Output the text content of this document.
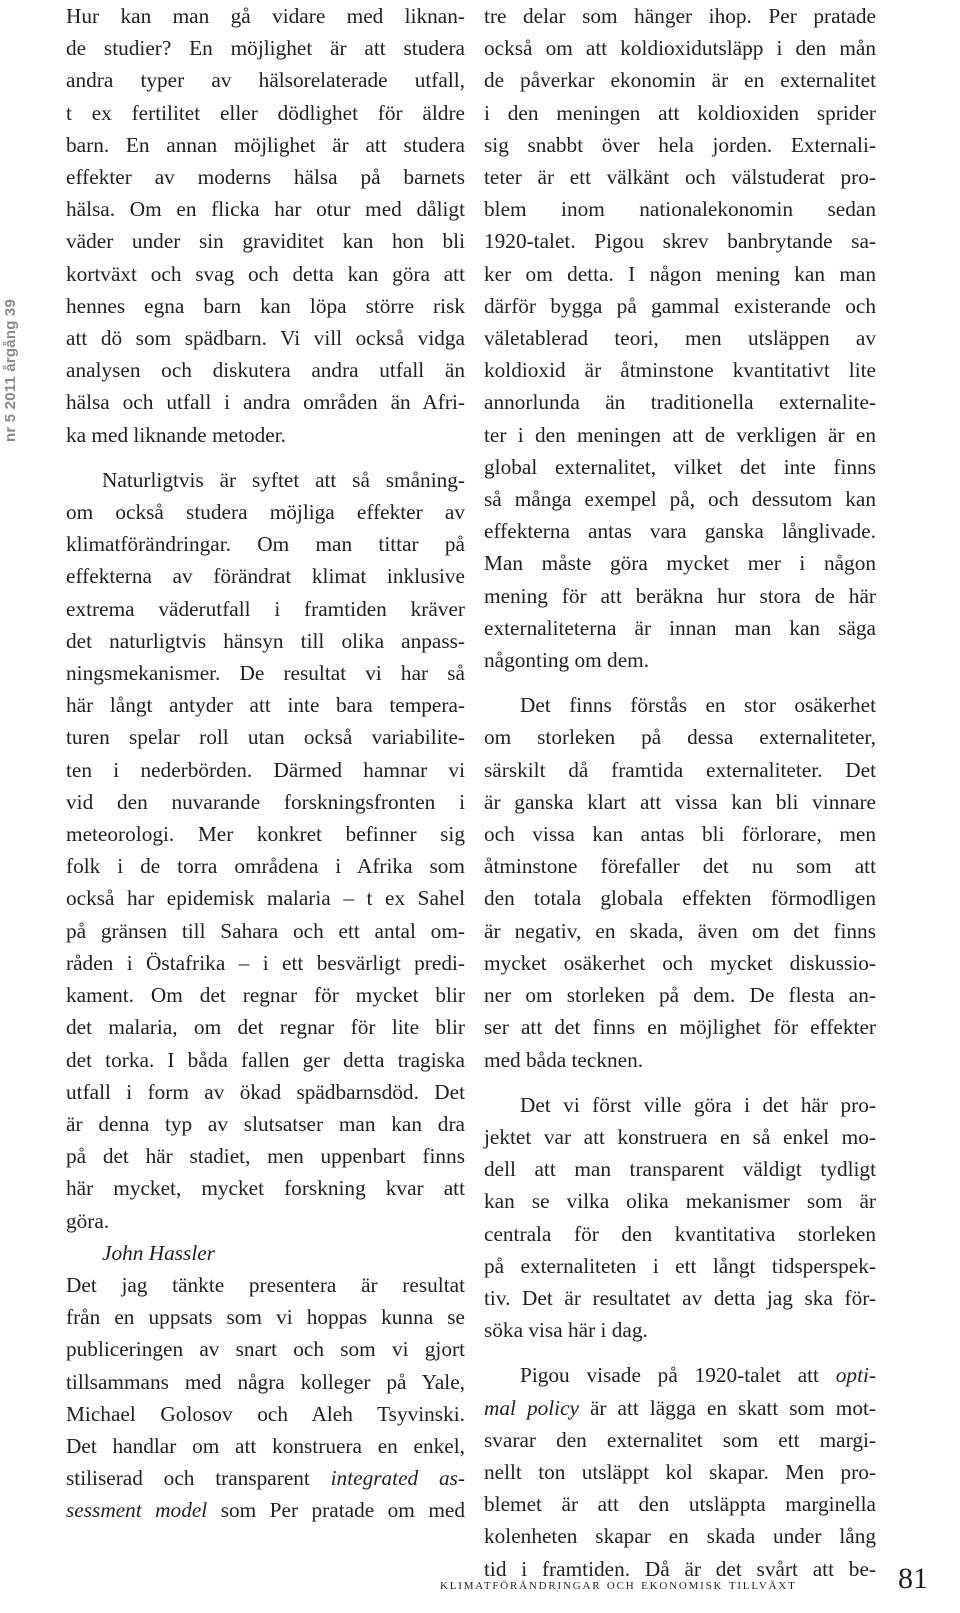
nr 5 2011 årgång 39

Hur kan man gå vidare med liknan-
de studier? En möjlighet är att studera
andra typer av hälsorelaterade utfall,
t ex fertilitet eller dödlighet för äldre
barn. En annan möjlighet är att studera
effekter av moderns hälsa på barnets
hälsa. Om en flicka har otur med dåligt
väder under sin graviditet kan hon bli
kortväxt och svag och detta kan göra att
hennes egna barn kan löpa större risk
att dö som spädbarn. Vi vill också vidga
analysen och diskutera andra utfall än
hälsa och utfall i andra områden än Afri-
ka med liknande metoder.

Naturligtvis är syftet att så småning-
om också studera möjliga effekter av
klimatförändringar. Om man tittar på
effekterna av förändrat klimat inklusive
extrema väderutfall i framtiden kräver
det naturligtvis hänsyn till olika anpass-
ningsmekanismer. De resultat vi har så
här långt antyder att inte bara tempera-
turen spelar roll utan också variabilite-
ten i nederbörden. Därmed hamnar vi
vid den nuvarande forskningsfronten i
meteorologi. Mer konkret befinner sig
folk i de torra områdena i Afrika som
också har epidemisk malaria – t ex Sahel
på gränsen till Sahara och ett antal om-
råden i Östafrika – i ett besvärligt predi-
kament. Om det regnar för mycket blir
det malaria, om det regnar för lite blir
det torka. I båda fallen ger detta tragiska
utfall i form av ökad spädbarnsdöd. Det
är denna typ av slutsatser man kan dra
på det här stadiet, men uppenbart finns
här mycket, mycket forskning kvar att
göra.

John Hassler

Det jag tänkte presentera är resultat
från en uppsats som vi hoppas kunna se
publiceringen av snart och som vi gjort
tillsammans med några kolleger på Yale,
Michael Golosov och Aleh Tsyvinski.
Det handlar om att konstruera en enkel,
stiliserad och transparent integrated as-
sessment model som Per pratade om med

tre delar som hänger ihop. Per pratade
också om att koldioxidutsläpp i den mån
de påverkar ekonomin är en externalitet
i den meningen att koldioxiden sprider
sig snabbt över hela jorden. Externali-
teter är ett välkänt och välstuderat pro-
blem inom nationalekonomin sedan
1920-talet. Pigou skrev banbrytande sa-
ker om detta. I någon mening kan man
därför bygga på gammal existerande och
väletablerad teori, men utsläppen av
koldioxid är åtminstone kvantitativt lite
annorlunda än traditionella externalite-
ter i den meningen att de verkligen är en
global externalitet, vilket det inte finns
så många exempel på, och dessutom kan
effekterna antas vara ganska långlivade.
Man måste göra mycket mer i någon
mening för att beräkna hur stora de här
externaliteterna är innan man kan säga
någonting om dem.

Det finns förstås en stor osäkerhet
om storleken på dessa externaliteter,
särskilt då framtida externaliteter. Det
är ganska klart att vissa kan bli vinnare
och vissa kan antas bli förlorare, men
åtminstone förefaller det nu som att
den totala globala effekten förmodligen
är negativ, en skada, även om det finns
mycket osäkerhet och mycket diskussio-
ner om storleken på dem. De flesta an-
ser att det finns en möjlighet för effekter
med båda tecknen.

Det vi först ville göra i det här pro-
jektet var att konstruera en så enkel mo-
dell att man transparent väldigt tydligt
kan se vilka olika mekanismer som är
centrala för den kvantitativa storleken
på externaliteten i ett långt tidsperspek-
tiv. Det är resultatet av detta jag ska för-
söka visa här i dag.

Pigou visade på 1920-talet att opti-
mal policy är att lägga en skatt som mot-
svarar den externalitet som ett margi-
nellt ton utsläppt kol skapar. Men pro-
blemet är att den utsläppta marginella
kolenheten skapar en skada under lång
tid i framtiden. Då är det svårt att be-

klimatförändringar och ekonomisk tillväxt	81
